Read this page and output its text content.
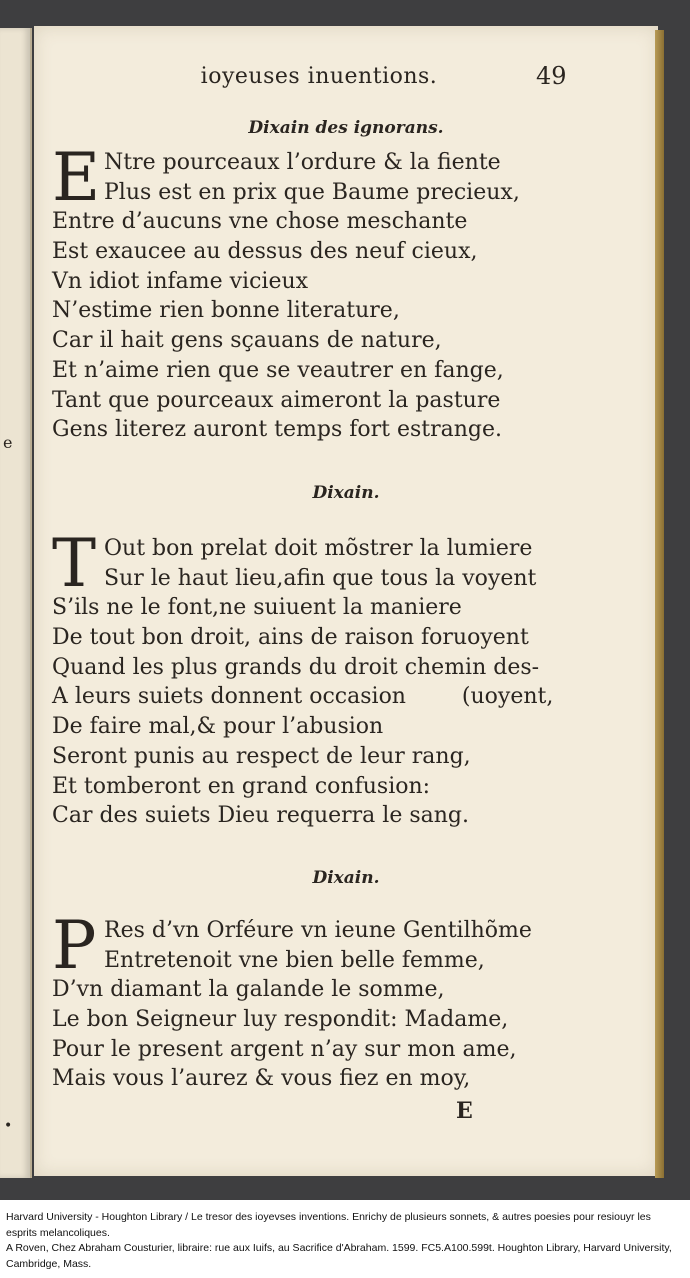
e
•
ioyeuses inuentions.	49
Dixain des ignorans.
E Ntre pourceaux l’ordure & la fiente
Plus est en prix que Baume precieux,
Entre d’aucuns vne chose meschante
Est exaucee au dessus des neuf cieux,
Vn idiot infame vicieux
N’estime rien bonne literature,
Car il hait gens sçauans de nature,
Et n’aime rien que se veautrer en fange,
Tant que pourceaux aimeront la pasture
Gens literez auront temps fort estrange.
Dixain.
T Out bon prelat doit mõstrer la lumiere
Sur le haut lieu,afin que tous la voyent
S’ils ne le font,ne suiuent la maniere
De tout bon droit, ains de raison foruoyent
Quand les plus grands du droit chemin des-
A leurs suiets donnent occasion        (uoyent,
De faire mal,& pour l’abusion
Seront punis au respect de leur rang,
Et tomberont en grand confusion:
Car des suiets Dieu requerra le sang.
Dixain.
P Res d’vn Orféure vn ieune Gentilhõme
Entretenoit vne bien belle femme,
D’vn diamant la galande le somme,
Le bon Seigneur luy respondit: Madame,
Pour le present argent n’ay sur mon ame,
Mais vous l’aurez & vous fiez en moy,
E
Harvard University - Houghton Library / Le tresor des ioyevses inventions. Enrichy de plusieurs sonnets, & autres poesies pour resiouyr les esprits melancoliques.
A Roven, Chez Abraham Cousturier, libraire: rue aux Iuifs, au Sacrifice d'Abraham. 1599. FC5.A100.599t. Houghton Library, Harvard University, Cambridge, Mass.
